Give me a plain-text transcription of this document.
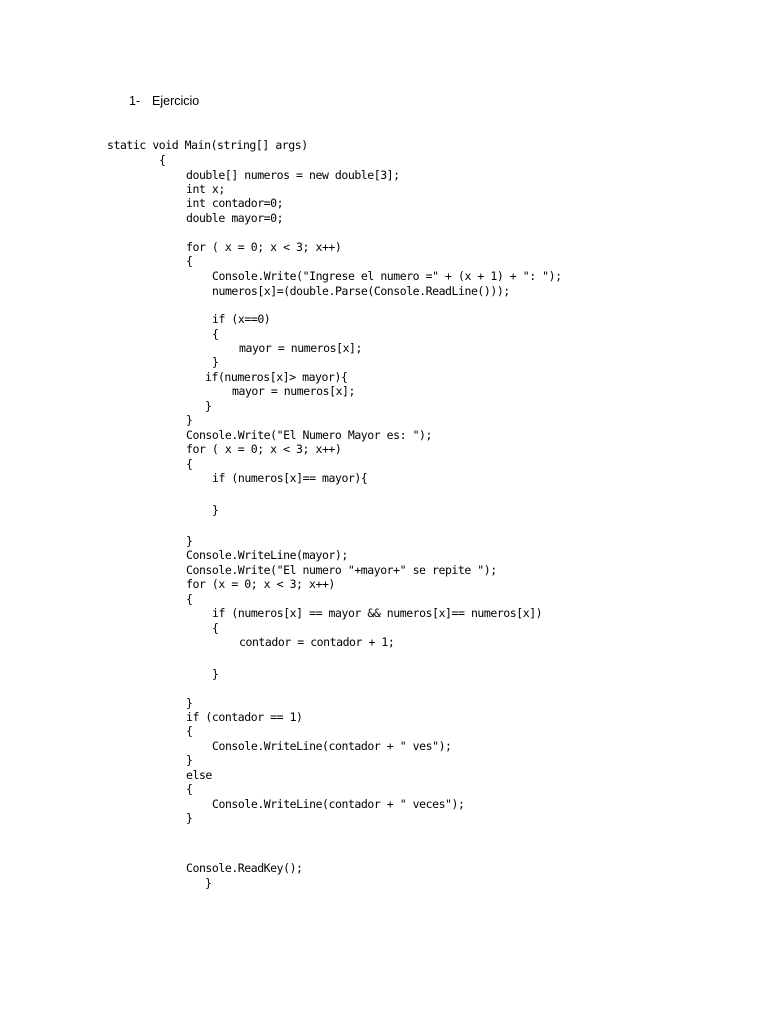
1- Ejercicio
static void Main(string[] args)
{
double[] numeros = new double[3];
int x;
int contador=0;
double mayor=0;
for ( x = 0; x < 3; x++)
{
Console.Write("Ingrese el numero =" + (x + 1) + ": ");
numeros[x]=(double.Parse(Console.ReadLine()));
if (x==0)
{
mayor = numeros[x];
}
if(numeros[x]> mayor){
mayor = numeros[x];
}
}
Console.Write("El Numero Mayor es: ");
for ( x = 0; x < 3; x++)
{
if (numeros[x]== mayor){
}
}
Console.WriteLine(mayor);
Console.Write("El numero "+mayor+" se repite ");
for (x = 0; x < 3; x++)
{
if (numeros[x] == mayor && numeros[x]== numeros[x])
{
contador = contador + 1;
}
}
if (contador == 1)
{
Console.WriteLine(contador + " ves");
}
else
{
Console.WriteLine(contador + " veces");
}
Console.ReadKey();
}
